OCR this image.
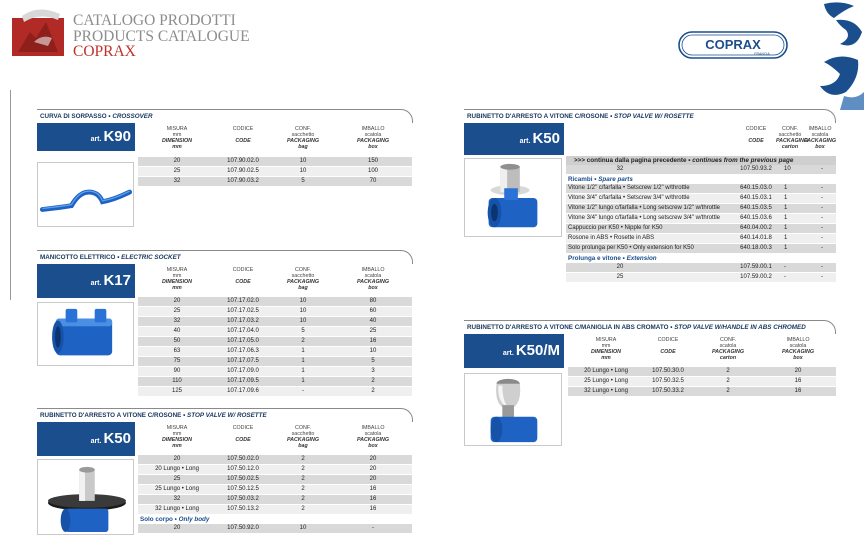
CATALOGO PRODOTTI
PRODUCTS CATALOGUE
COPRAX	COPRAX
FRANCIA
CURVA DI SORPASSO • CROSSOVER
art. K90	MISURA
mm
DIMENSION
mm
CODICE

CODE
CONF.
sacchetto
PACKAGING
bag
IMBALLO
scatola
PACKAGING
box
20	107.90.02.0	10	150
25	107.90.02.5	10	100
32	107.90.03.2	5	70
MANICOTTO ELETTRICO • ELECTRIC SOCKET
art. K17
MISURA
mm
DIMENSION
mm
CODICE

CODE
CONF.
sacchetto
PACKAGING
bag
IMBALLO
scatola
PACKAGING
box
20	107.17.02.0	10	80
25	107.17.02.5	10	60
32	107.17.03.2	10	40
40	107.17.04.0	5	25
50	107.17.05.0	2	16
63	107.17.06.3	1	10
75	107.17.07.5	1	5
90	107.17.09.0	1	3
110	107.17.09.5	1	2
125	107.17.09.6	-	2
RUBINETTO D'ARRESTO A VITONE C/ROSONE • STOP VALVE W/ ROSETTE
art. K50
MISURA
mm
DIMENSION
mm
CODICE

CODE
CONF.
sacchetto
PACKAGING
bag
IMBALLO
scatola
PACKAGING
box
20	107.50.02.0	2	20
20 Lungo • Long	107.50.12.0	2	20
25	107.50.02.5	2	20
25 Lungo • Long	107.50.12.5	2	16
32	107.50.03.2	2	16
32 Lungo • Long	107.50.13.2	2	16
Solo corpo • Only body
20	107.50.92.0	10	-
RUBINETTO D'ARRESTO A VITONE C/ROSONE • STOP VALVE W/ ROSETTE
art. K50
CODICE

CODE
CONF.
sacchetto
PACKAGING
carton
IMBALLO
scatola
PACKAGING
box
>>> continua dalla pagina precedente • continues from the previous page
32	107.50.93.2	10	-
Ricambi • Spare parts
Vitone 1/2" c/farfalla • Setscrew 1/2" w/throttle	640.15.03.0	1	-
Vitone 3/4" c/farfalla • Setscrew 3/4" w/throttle	640.15.03.1	1	-
Vitone 1/2" lungo c/farfalla • Long setscrew 1/2" w/throttle	640.15.03.5	1	-
Vitone 3/4" lungo c/farfalla • Long setscrew 3/4" w/throttle	640.15.03.6	1	-
Cappuccio per K50 • Nipple for K50	640.04.00.2	1	-
Rosone in ABS • Rosette in ABS	640.14.01.8	1	-
Solo prolunga per K50 • Only extension for K50	640.18.00.3	1	-
Prolunga e vitone • Extension
20	107.59.00.1	-	-
25	107.59.00.2	-	-
RUBINETTO D'ARRESTO A VITONE C/MANIGLIA IN ABS CROMATO • STOP VALVE W/HANDLE IN ABS CHROMED
art. K50/M
MISURA
mm
DIMENSION
mm
CODICE

CODE
CONF.
scatola
PACKAGING
carton
IMBALLO
scatola
PACKAGING
box
20 Lungo • Long	107.50.30.0	2	20
25 Lungo • Long	107.50.32.5	2	16
32 Lungo • Long	107.50.33.2	2	16
